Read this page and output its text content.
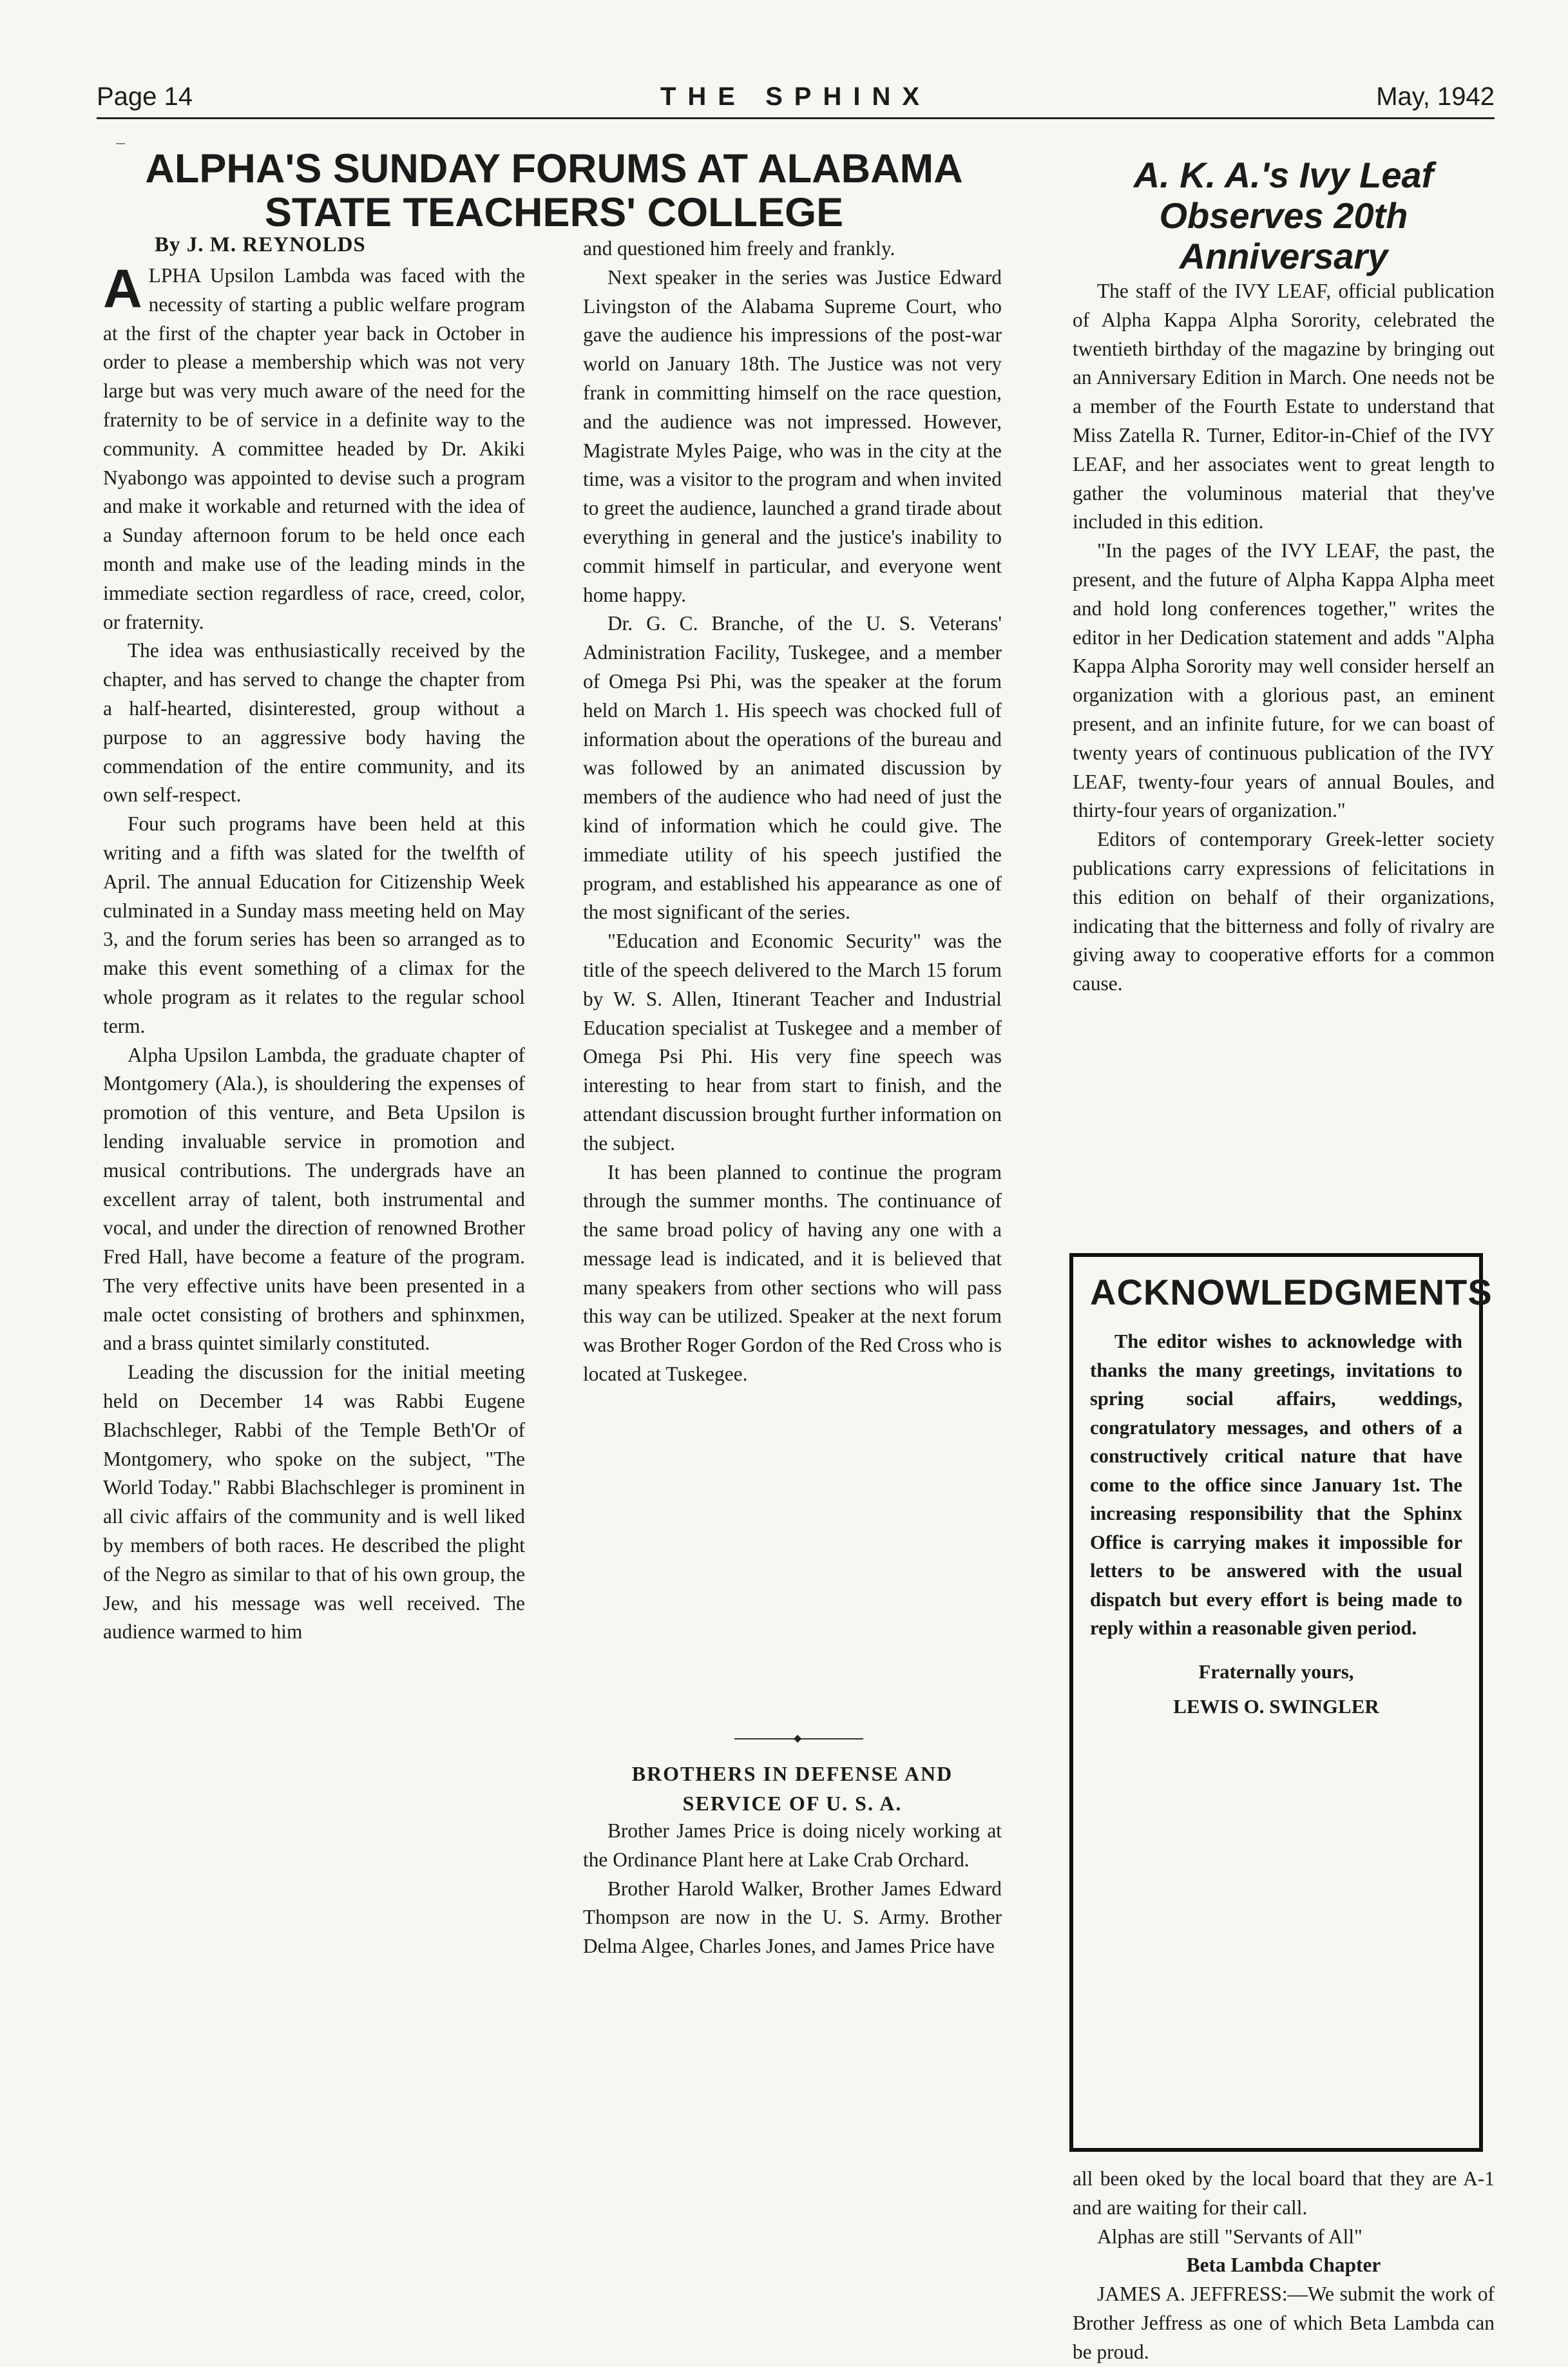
Page 14	THE SPHINX	May, 1942
ALPHA'S SUNDAY FORUMS AT ALABAMA STATE TEACHERS' COLLEGE
By J. M. REYNOLDS

ALPHA Upsilon Lambda was faced with the necessity of starting a public welfare program at the first of the chapter year back in October in order to please a membership which was not very large but was very much aware of the need for the fraternity to be of service in a definite way to the community. A committee headed by Dr. Akiki Nyabongo was appointed to devise such a program and make it workable and returned with the idea of a Sunday afternoon forum to be held once each month and make use of the leading minds in the immediate section regardless of race, creed, color, or fraternity.

The idea was enthusiastically received by the chapter, and has served to change the chapter from a half-hearted, disinterested, group without a purpose to an aggressive body having the commendation of the entire community, and its own self-respect.

Four such programs have been held at this writing and a fifth was slated for the twelfth of April. The annual Education for Citizenship Week culminated in a Sunday mass meeting held on May 3, and the forum series has been so arranged as to make this event something of a climax for the whole program as it relates to the regular school term.

Alpha Upsilon Lambda, the graduate chapter of Montgomery (Ala.), is shouldering the expenses of promotion of this venture, and Beta Upsilon is lending invaluable service in promotion and musical contributions. The undergrads have an excellent array of talent, both instrumental and vocal, and under the direction of renowned Brother Fred Hall, have become a feature of the program. The very effective units have been presented in a male octet consisting of brothers and sphinxmen, and a brass quintet similarly constituted.

Leading the discussion for the initial meeting held on December 14 was Rabbi Eugene Blachschleger, Rabbi of the Temple Beth'Or of Montgomery, who spoke on the subject, "The World Today." Rabbi Blachschleger is prominent in all civic affairs of the community and is well liked by members of both races. He described the plight of the Negro as similar to that of his own group, the Jew, and his message was well received. The audience warmed to him

and questioned him freely and frankly.

Next speaker in the series was Justice Edward Livingston of the Alabama Supreme Court, who gave the audience his impressions of the post-war world on January 18th. The Justice was not very frank in committing himself on the race question, and the audience was not impressed. However, Magistrate Myles Paige, who was in the city at the time, was a visitor to the program and when invited to greet the audience, launched a grand tirade about everything in general and the justice's inability to commit himself in particular, and everyone went home happy.

Dr. G. C. Branche, of the U. S. Veterans' Administration Facility, Tuskegee, and a member of Omega Psi Phi, was the speaker at the forum held on March 1. His speech was chocked full of information about the operations of the bureau and was followed by an animated discussion by members of the audience who had need of just the kind of information which he could give. The immediate utility of his speech justified the program, and established his appearance as one of the most significant of the series.

"Education and Economic Security" was the title of the speech delivered to the March 15 forum by W. S. Allen, Itinerant Teacher and Industrial Education specialist at Tuskegee and a member of Omega Psi Phi. His very fine speech was interesting to hear from start to finish, and the attendant discussion brought further information on the subject.

It has been planned to continue the program through the summer months. The continuance of the same broad policy of having any one with a message lead is indicated, and it is believed that many speakers from other sections who will pass this way can be utilized. Speaker at the next forum was Brother Roger Gordon of the Red Cross who is located at Tuskegee.

◆
BROTHERS IN DEFENSE AND SERVICE OF U. S. A.

Brother James Price is doing nicely working at the Ordinance Plant here at Lake Crab Orchard.

Brother Harold Walker, Brother James Edward Thompson are now in the U. S. Army. Brother Delma Algee, Charles Jones, and James Price have

A. K. A.'s Ivy Leaf Observes 20th Anniversary

The staff of the IVY LEAF, official publication of Alpha Kappa Alpha Sorority, celebrated the twentieth birthday of the magazine by bringing out an Anniversary Edition in March. One needs not be a member of the Fourth Estate to understand that Miss Zatella R. Turner, Editor-in-Chief of the IVY LEAF, and her associates went to great length to gather the voluminous material that they've included in this edition.

"In the pages of the IVY LEAF, the past, the present, and the future of Alpha Kappa Alpha meet and hold long conferences together," writes the editor in her Dedication statement and adds "Alpha Kappa Alpha Sorority may well consider herself an organization with a glorious past, an eminent present, and an infinite future, for we can boast of twenty years of continuous publication of the IVY LEAF, twenty-four years of annual Boules, and thirty-four years of organization."

Editors of contemporary Greek-letter society publications carry expressions of felicitations in this edition on behalf of their organizations, indicating that the bitterness and folly of rivalry are giving away to cooperative efforts for a common cause.

ACKNOWLEDGMENTS

The editor wishes to acknowledge with thanks the many greetings, invitations to spring social affairs, weddings, congratulatory messages, and others of a constructively critical nature that have come to the office since January 1st. The increasing responsibility that the Sphinx Office is carrying makes it impossible for letters to be answered with the usual dispatch but every effort is being made to reply within a reasonable given period.

Fraternally yours,
LEWIS O. SWINGLER

all been oked by the local board that they are A-1 and are waiting for their call.

Alphas are still "Servants of All"

Beta Lambda Chapter

JAMES A. JEFFRESS:—We submit the work of Brother Jeffress as one of which Beta Lambda can be proud.
